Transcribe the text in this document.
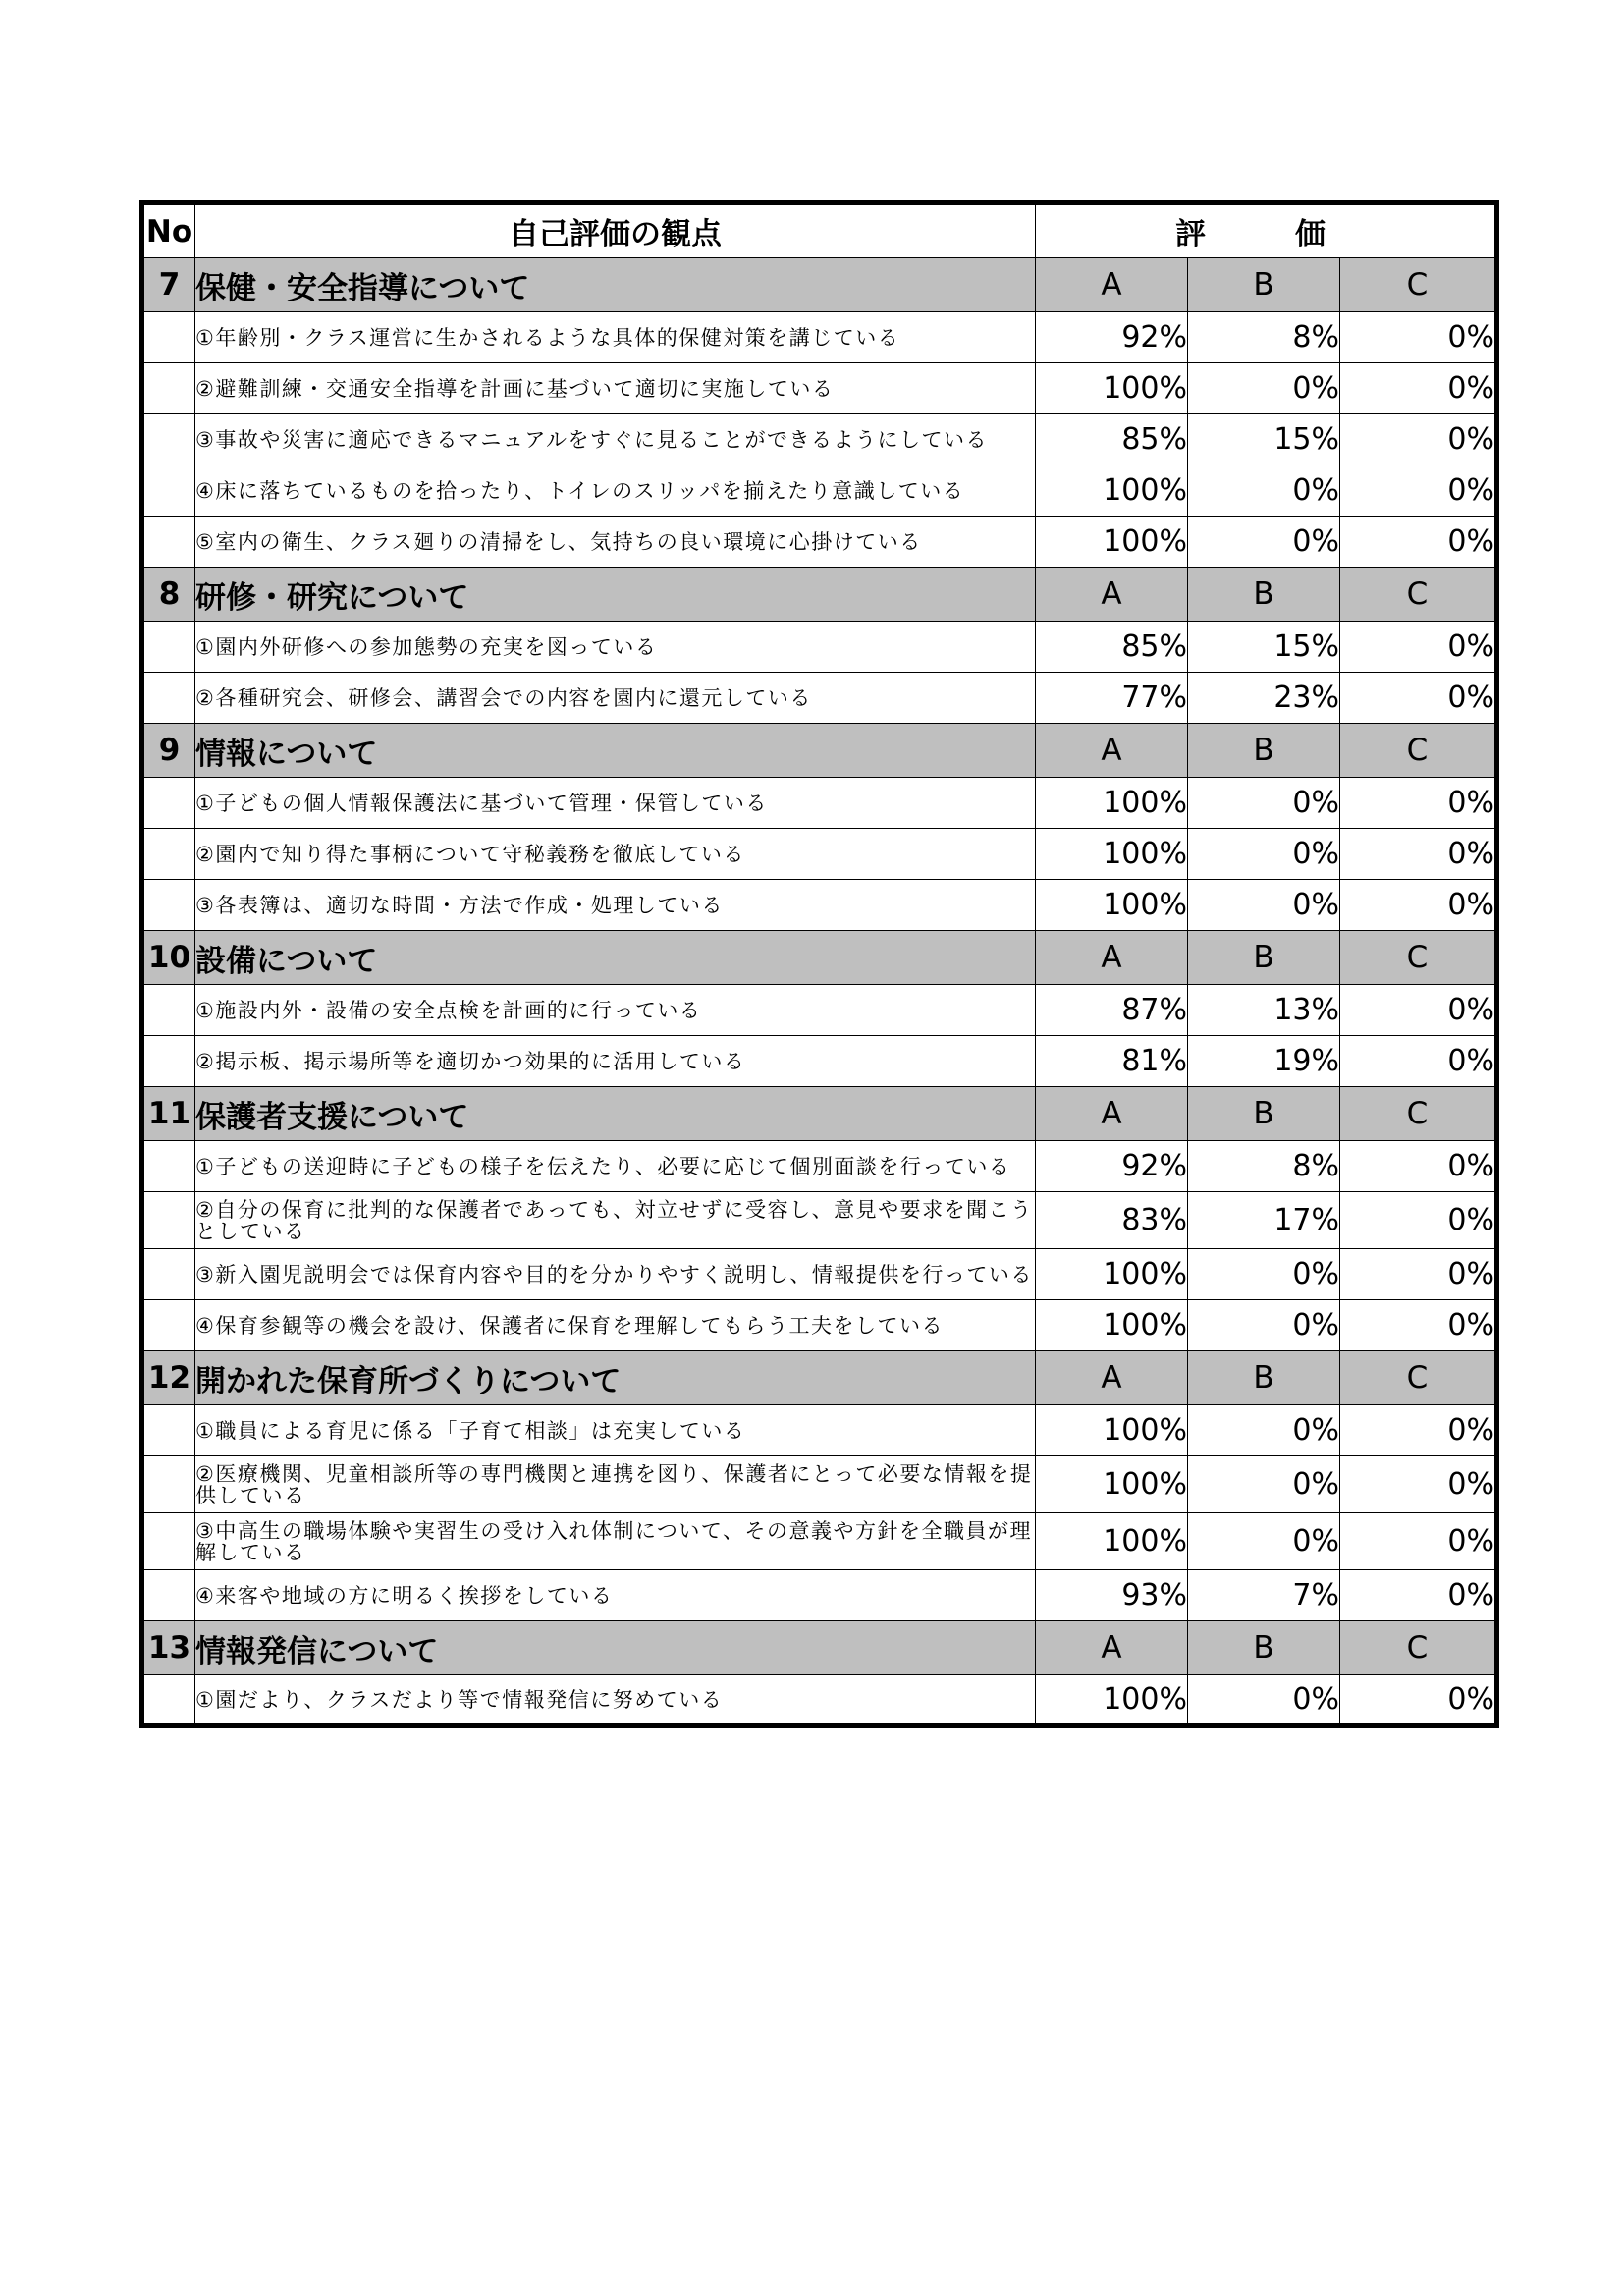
No	自己評価の観点	評　価		
7	保健・安全指導について	A	B	C
	①年齢別・クラス運営に生かされるような具体的保健対策を講じている	92%	8%	0%
	②避難訓練・交通安全指導を計画に基づいて適切に実施している	100%	0%	0%
	③事故や災害に適応できるマニュアルをすぐに見ることができるようにしている	85%	15%	0%
	④床に落ちているものを拾ったり、トイレのスリッパを揃えたり意識している	100%	0%	0%
	⑤室内の衛生、クラス廻りの清掃をし、気持ちの良い環境に心掛けている	100%	0%	0%
8	研修・研究について	A	B	C
	①園内外研修への参加態勢の充実を図っている	85%	15%	0%
	②各種研究会、研修会、講習会での内容を園内に還元している	77%	23%	0%
9	情報について	A	B	C
	①子どもの個人情報保護法に基づいて管理・保管している	100%	0%	0%
	②園内で知り得た事柄について守秘義務を徹底している	100%	0%	0%
	③各表簿は、適切な時間・方法で作成・処理している	100%	0%	0%
10	設備について	A	B	C
	①施設内外・設備の安全点検を計画的に行っている	87%	13%	0%
	②掲示板、掲示場所等を適切かつ効果的に活用している	81%	19%	0%
11	保護者支援について	A	B	C
	①子どもの送迎時に子どもの様子を伝えたり、必要に応じて個別面談を行っている	92%	8%	0%
	②自分の保育に批判的な保護者であっても、対立せずに受容し、意見や要求を聞こうとしている	83%	17%	0%
	③新入園児説明会では保育内容や目的を分かりやすく説明し、情報提供を行っている	100%	0%	0%
	④保育参観等の機会を設け、保護者に保育を理解してもらう工夫をしている	100%	0%	0%
12	開かれた保育所づくりについて	A	B	C
	①職員による育児に係る「子育て相談」は充実している	100%	0%	0%
	②医療機関、児童相談所等の専門機関と連携を図り、保護者にとって必要な情報を提供している	100%	0%	0%
	③中高生の職場体験や実習生の受け入れ体制について、その意義や方針を全職員が理解している	100%	0%	0%
	④来客や地域の方に明るく挨拶をしている	93%	7%	0%
13	情報発信について	A	B	C
	①園だより、クラスだより等で情報発信に努めている	100%	0%	0%
